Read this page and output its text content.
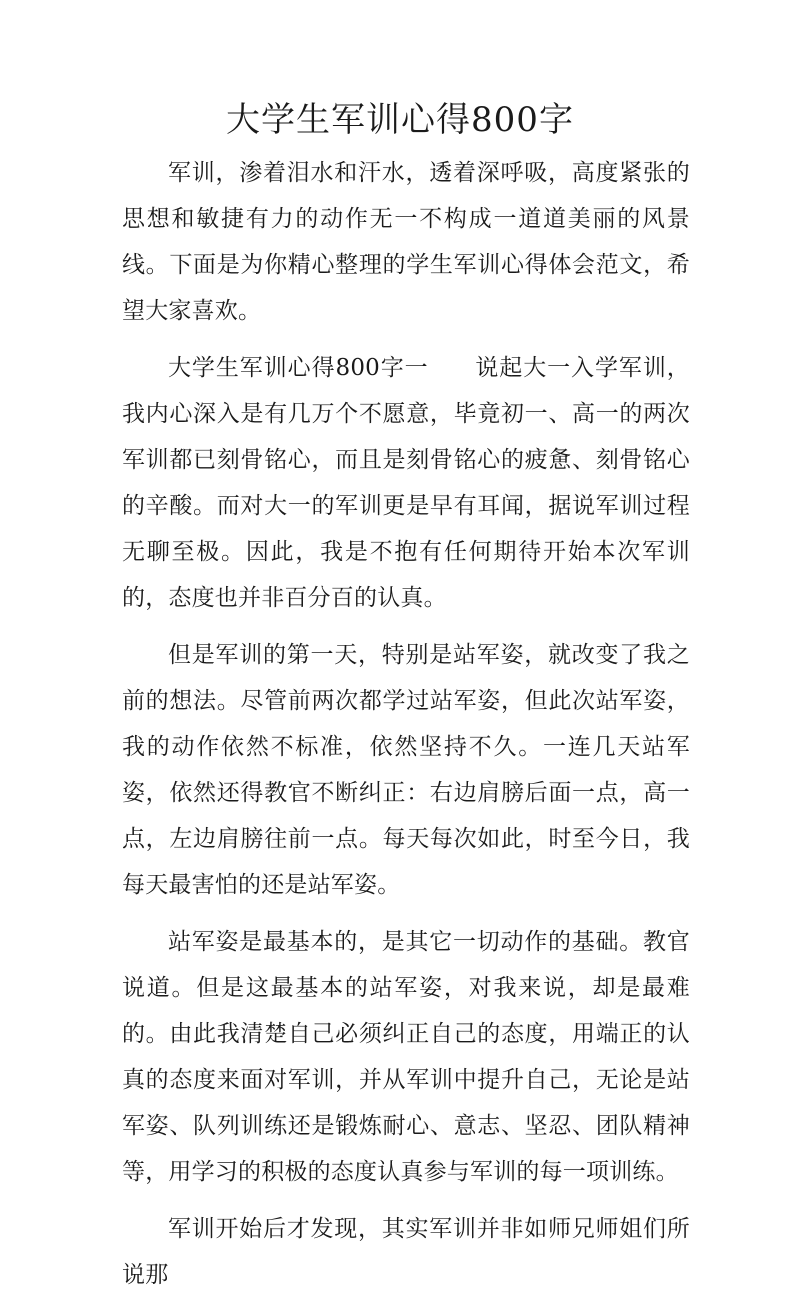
大学生军训心得800字

军训，渗着泪水和汗水，透着深呼吸，高度紧张的思想和敏捷有力的动作无一不构成一道道美丽的风景线。下面是为你精心整理的学生军训心得体会范文，希望大家喜欢。

大学生军训心得800字一 说起大一入学军训，我内心深入是有几万个不愿意，毕竟初一、高一的两次军训都已刻骨铭心，而且是刻骨铭心的疲惫、刻骨铭心的辛酸。而对大一的军训更是早有耳闻，据说军训过程无聊至极。因此，我是不抱有任何期待开始本次军训的，态度也并非百分百的认真。

但是军训的第一天，特别是站军姿，就改变了我之前的想法。尽管前两次都学过站军姿，但此次站军姿，我的动作依然不标准，依然坚持不久。一连几天站军姿，依然还得教官不断纠正：右边肩膀后面一点，高一点，左边肩膀往前一点。每天每次如此，时至今日，我每天最害怕的还是站军姿。

站军姿是最基本的，是其它一切动作的基础。教官说道。但是这最基本的站军姿，对我来说，却是最难的。由此我清楚自己必须纠正自己的态度，用端正的认真的态度来面对军训，并从军训中提升自己，无论是站军姿、队列训练还是锻炼耐心、意志、坚忍、团队精神等，用学习的积极的态度认真参与军训的每一项训练。

军训开始后才发现，其实军训并非如师兄师姐们所说那
